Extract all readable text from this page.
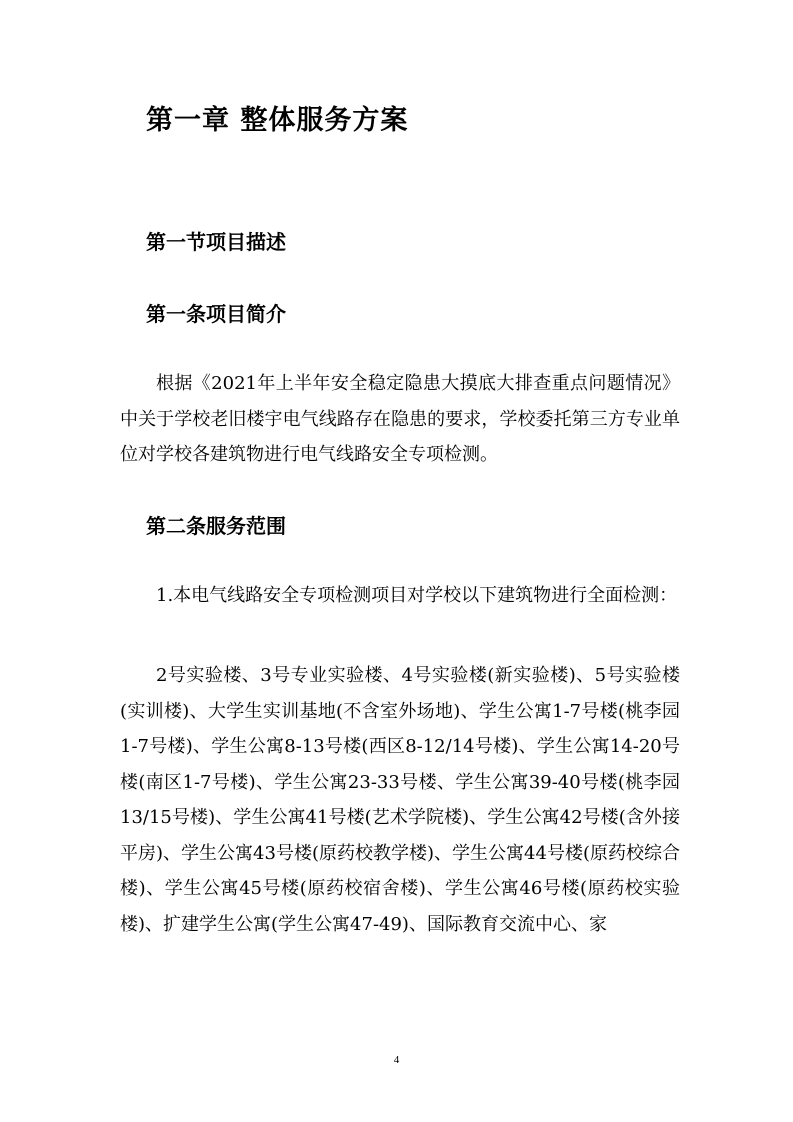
第一章 整体服务方案
第一节项目描述
第一条项目简介

根据《2021年上半年安全稳定隐患大摸底大排查重点问题情况》中关于学校老旧楼宇电气线路存在隐患的要求，学校委托第三方专业单位对学校各建筑物进行电气线路安全专项检测。

第二条服务范围

1.本电气线路安全专项检测项目对学校以下建筑物进行全面检测：

2号实验楼、3号专业实验楼、4号实验楼(新实验楼)、5号实验楼(实训楼)、大学生实训基地(不含室外场地)、学生公寓1-7号楼(桃李园1-7号楼)、学生公寓8-13号楼(西区8-12/14号楼)、学生公寓14-20号楼(南区1-7号楼)、学生公寓23-33号楼、学生公寓39-40号楼(桃李园13/15号楼)、学生公寓41号楼(艺术学院楼)、学生公寓42号楼(含外接平房)、学生公寓43号楼(原药校教学楼)、学生公寓44号楼(原药校综合楼)、学生公寓45号楼(原药校宿舍楼)、学生公寓46号楼(原药校实验楼)、扩建学生公寓(学生公寓47-49)、国际教育交流中心、家

4
